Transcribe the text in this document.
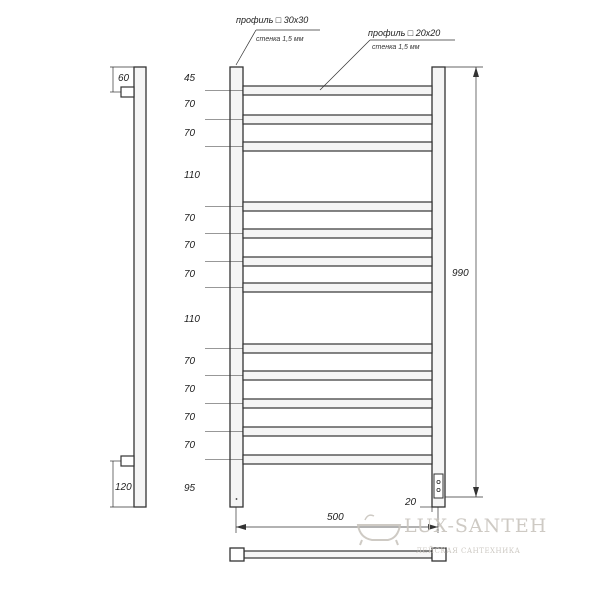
60
120
45
70
70
110
70
70
70
110
70
70
70
70
95
профиль □ 30x30
стенка 1,5 мм
профиль □ 20x20
стенка 1,5 мм
990
20
500	LUX-SANTEH
ЛЕЙСКАЯ САНТЕХНИКА
